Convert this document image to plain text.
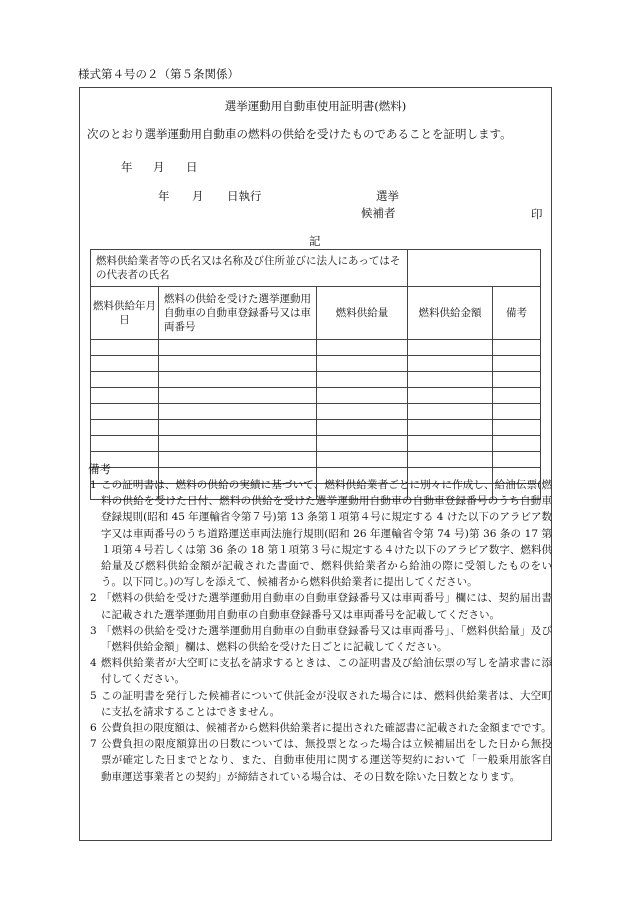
様式第４号の２（第５条関係）
選挙運動用自動車使用証明書(燃料)
次のとおり選挙運動用自動車の燃料の供給を受けたものであることを証明します。
年 月 日
年 月 日執行	選挙
候補者	印
記
燃料供給業者等の氏名又は名称及び住所並びに法人にあってはその代表者の氏名				
燃料供給年月日	燃料の供給を受けた選挙運動用自動車の自動車登録番号又は車両番号	燃料供給量	燃料供給金額	備考

備考
1 この証明書は、燃料の供給の実績に基づいて、燃料供給業者ごとに別々に作成し、給油伝票(燃料の供給を受けた日付、燃料の供給を受けた選挙運動用自動車の自動車登録番号のうち自動車登録規則(昭和 45 年運輸省令第７号)第 13 条第１項第４号に規定する 4 けた以下のアラビア数字又は車両番号のうち道路運送車両法施行規則(昭和 26 年運輸省令第 74 号)第 36 条の 17 第１項第４号若しくは第 36 条の 18 第１項第３号に規定する４けた以下のアラビア数字、燃料供給量及び燃料供給金額が記載された書面で、燃料供給業者から給油の際に受領したものをいう。以下同じ。)の写しを添えて、候補者から燃料供給業者に提出してください。
2 「燃料の供給を受けた選挙運動用自動車の自動車登録番号又は車両番号」欄には、契約届出書に記載された選挙運動用自動車の自動車登録番号又は車両番号を記載してください。
3 「燃料の供給を受けた選挙運動用自動車の自動車登録番号又は車両番号」、「燃料供給量」及び「燃料供給金額」欄は、燃料の供給を受けた日ごとに記載してください。
4 燃料供給業者が大空町に支払を請求するときは、この証明書及び給油伝票の写しを請求書に添付してください。
5 この証明書を発行した候補者について供託金が没収された場合には、燃料供給業者は、大空町に支払を請求することはできません。
6 公費負担の限度額は、候補者から燃料供給業者に提出された確認書に記載された金額までです。
7 公費負担の限度額算出の日数については、無投票となった場合は立候補届出をした日から無投票が確定した日までとなり、また、自動車使用に関する運送等契約において「一般乗用旅客自動車運送事業者との契約」が締結されている場合は、その日数を除いた日数となります。
